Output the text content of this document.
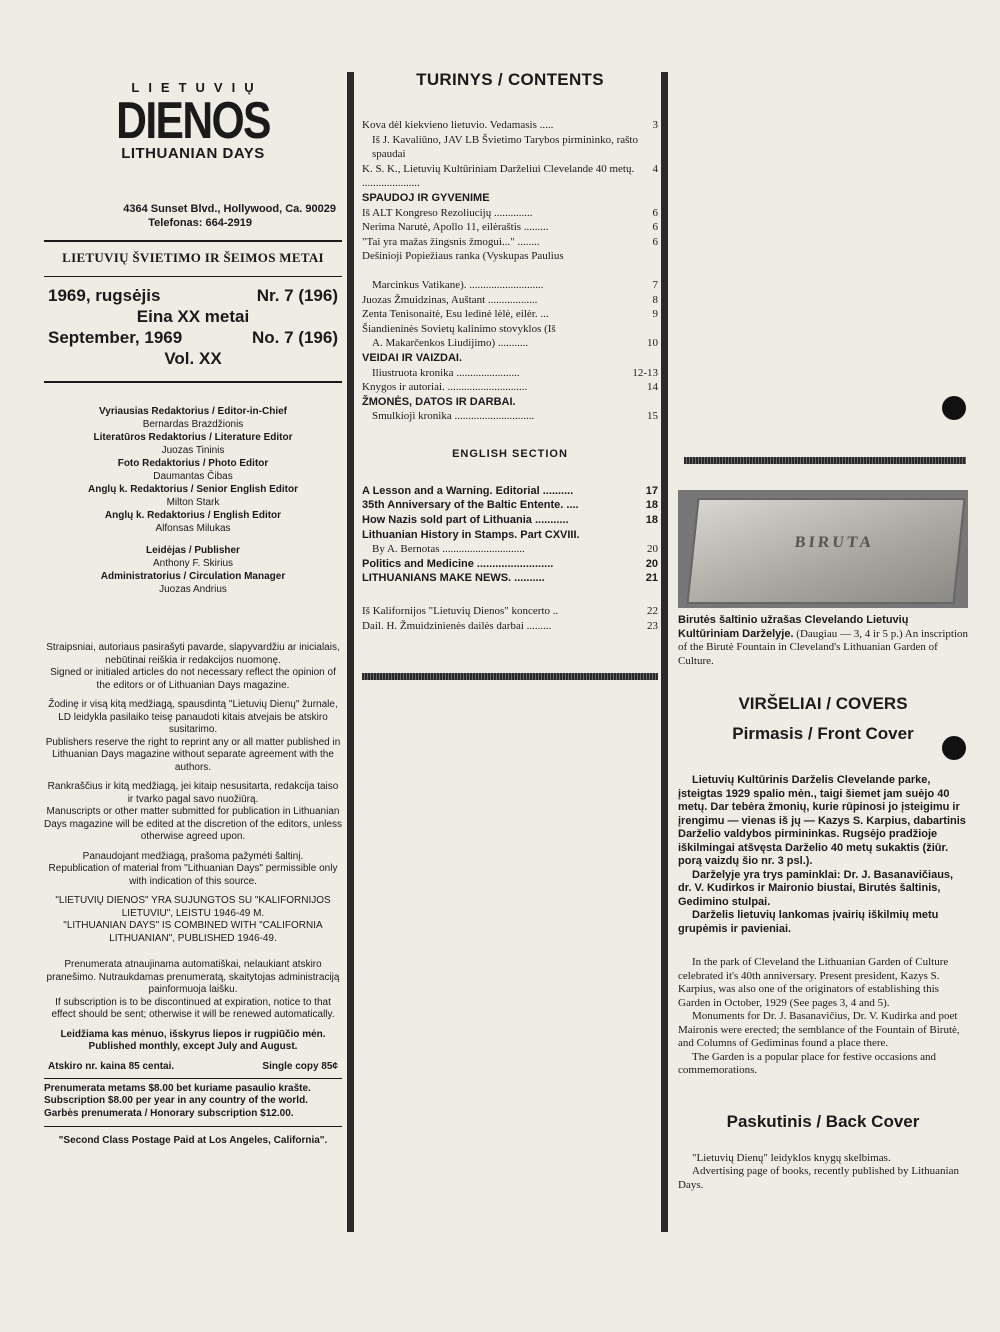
LIETUVIŲ
DIENOS
LITHUANIAN DAYS
4364 Sunset Blvd., Hollywood, Ca. 90029
Telefonas: 664-2919
LIETUVIŲ ŠVIETIMO IR ŠEIMOS METAI
1969, rugsėjis	Nr. 7 (196)
Eina XX metai
September, 1969	No. 7 (196)
Vol. XX
Vyriausias Redaktorius / Editor-in-Chief
Bernardas Brazdžionis
Literatūros Redaktorius / Literature Editor
Juozas Tininis
Foto Redaktorius / Photo Editor
Daumantas Čibas
Anglų k. Redaktorius / Senior English Editor
Milton Stark
Anglų k. Redaktorius / English Editor
Alfonsas Milukas
Leidėjas / Publisher
Anthony F. Skirius
Administratorius / Circulation Manager
Juozas Andrius

Straipsniai, autoriaus pasirašyti pavarde, slapyvardžiu ar inicialais, nebūtinai reiškia ir redakcijos nuomonę.
Signed or initialed articles do not necessary reflect the opinion of the editors or of Lithuanian Days magazine.

Žodinę ir visą kitą medžiagą, spausdintą "Lietuvių Dienų" žurnale, LD leidykla pasilaiko teisę panaudoti kitais atvejais be atskiro susitarimo.
Publishers reserve the right to reprint any or all matter published in Lithuanian Days magazine without separate agreement with the authors.

Rankraščius ir kitą medžiagą, jei kitaip nesusitarta, redakcija taiso ir tvarko pagal savo nuožiūrą.
Manuscripts or other matter submitted for publication in Lithuanian Days magazine will be edited at the discretion of the editors, unless otherwise agreed upon.

Panaudojant medžiagą, prašoma pažymėti šaltinį.
Republication of material from "Lithuanian Days" permissible only with indication of this source.

"LIETUVIŲ DIENOS" YRA SUJUNGTOS SU "KALIFORNIJOS LIETUVIU", LEISTU 1946-49 M.
"LITHUANIAN DAYS" IS COMBINED WITH "CALIFORNIA LITHUANIAN", PUBLISHED 1946-49.

Prenumerata atnaujinama automatiškai, nelaukiant atskiro pranešimo. Nutraukdamas prenumeratą, skaitytojas administraciją painformuoja laišku.
If subscription is to be discontinued at expiration, notice to that effect should be sent; otherwise it will be renewed automatically.

Leidžiama kas mėnuo, išskyrus liepos ir rugpiūčio mėn.
Published monthly, except July and August.

Atskiro nr. kaina 85 centai.	Single copy 85¢
Prenumerata metams $8.00 bet kuriame pasaulio krašte.
Subscription $8.00 per year in any country of the world.
Garbės prenumerata / Honorary subscription $12.00.
"Second Class Postage Paid at Los Angeles, California".
TURINYS / CONTENTS
Kova dėl kiekvieno lietuvio. Vedamasis .....	3
Iš J. Kavaliūno, JAV LB Švietimo Tarybos pirmininko, rašto spaudai
K. S. K., Lietuvių Kultūriniam Darželiui Clevelande 40 metų. .....................
4
SPAUDOJ IR GYVENIME
Iš ALT Kongreso Rezoliucijų ..............	6
Nerima Narutė, Apollo 11, eilėraštis .........	6
"Tai yra mažas žingsnis žmogui..." ........	6
Dešinioji Popiežiaus ranka (Vyskupas Paulius
Marcinkus Vatikane). ...........................	7
Juozas Žmuidzinas, Auštant ..................	8
Zenta Tenisonaitė, Esu ledinė lėlė, eilėr. ...	9
Šiandieninės Sovietų kalinimo stovyklos (Iš
A. Makarčenkos Liudijimo) ...........	10
VEIDAI IR VAIZDAI.
Iliustruota kronika .......................	12-13
Knygos ir autoriai. .............................	14
ŽMONĖS, DATOS IR DARBAI.
Smulkioji kronika .............................	15
ENGLISH SECTION
A Lesson and a Warning. Editorial ..........	17
35th Anniversary of the Baltic Entente. ....	18
How Nazis sold part of Lithuania ...........	18
Lithuanian History in Stamps. Part CXVIII.
By A. Bernotas ..............................	20
Politics and Medicine .........................	20
LITHUANIANS MAKE NEWS. ..........	21
Iš Kalifornijos "Lietuvių Dienos" koncerto ..	22
Dail. H. Žmuidzinienės dailės darbai .........	23
BIRUTA
Birutės šaltinio užrašas Clevelando Lietuvių Kultūriniam Darželyje. (Daugiau — 3, 4 ir 5 p.) An inscription of the Birutė Fountain in Cleveland's Lithuanian Garden of Culture.
VIRŠELIAI / COVERS
Pirmasis / Front Cover
Lietuvių Kultūrinis Darželis Clevelande parke, įsteigtas 1929 spalio mėn., taigi šiemet jam suėjo 40 metų. Dar tebėra žmonių, kurie rūpinosi jo įsteigimu ir įrengimu — vienas iš jų — Kazys S. Karpius, dabartinis Darželio valdybos pirmininkas. Rugsėjo pradžioje iškilmingai atšvęsta Darželio 40 metų sukaktis (žiūr. porą vaizdų šio nr. 3 psl.).
Darželyje yra trys paminklai: Dr. J. Basanavičiaus, dr. V. Kudirkos ir Maironio biustai, Birutės šaltinis, Gedimino stulpai.
Darželis lietuvių lankomas įvairių iškilmių metu grupėmis ir pavieniai.

In the park of Cleveland the Lithuanian Garden of Culture celebrated it's 40th anniversary. Present president, Kazys S. Karpius, was also one of the originators of establishing this Garden in October, 1929 (See pages 3, 4 and 5).

Monuments for Dr. J. Basanavičius, Dr. V. Kudirka and poet Maironis were erected; the semblance of the Fountain of Birutė, and Columns of Gediminas found a place there.

The Garden is a popular place for festive occasions and commemorations.

Paskutinis / Back Cover

"Lietuvių Dienų" leidyklos knygų skelbimas.

Advertising page of books, recently published by Lithuanian Days.
